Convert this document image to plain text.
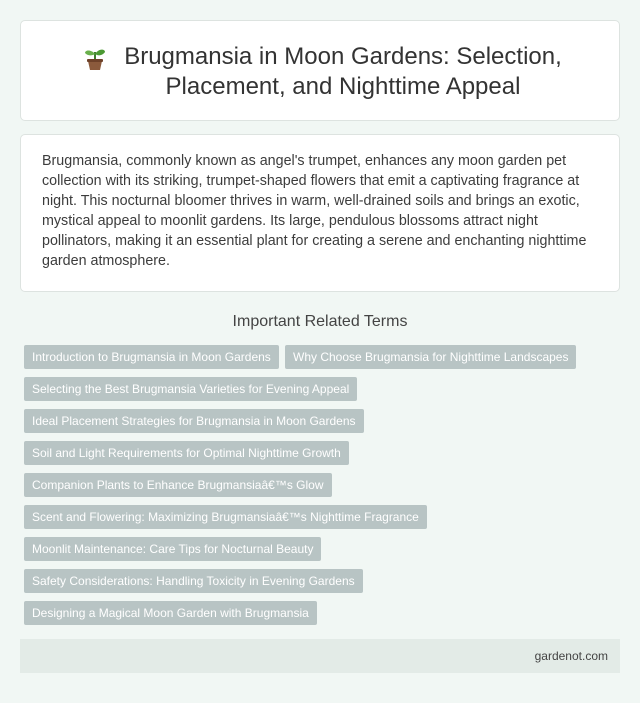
Brugmansia in Moon Gardens: Selection, Placement, and Nighttime Appeal

Brugmansia, commonly known as angel's trumpet, enhances any moon garden pet collection with its striking, trumpet-shaped flowers that emit a captivating fragrance at night. This nocturnal bloomer thrives in warm, well-drained soils and brings an exotic, mystical appeal to moonlit gardens. Its large, pendulous blossoms attract night pollinators, making it an essential plant for creating a serene and enchanting nighttime garden atmosphere.

Important Related Terms
Introduction to Brugmansia in Moon Gardens	Why Choose Brugmansia for Nighttime Landscapes
Selecting the Best Brugmansia Varieties for Evening Appeal
Ideal Placement Strategies for Brugmansia in Moon Gardens
Soil and Light Requirements for Optimal Nighttime Growth
Companion Plants to Enhance Brugmansiaâ€™s Glow
Scent and Flowering: Maximizing Brugmansiaâ€™s Nighttime Fragrance
Moonlit Maintenance: Care Tips for Nocturnal Beauty
Safety Considerations: Handling Toxicity in Evening Gardens
Designing a Magical Moon Garden with Brugmansia
gardenot.com
